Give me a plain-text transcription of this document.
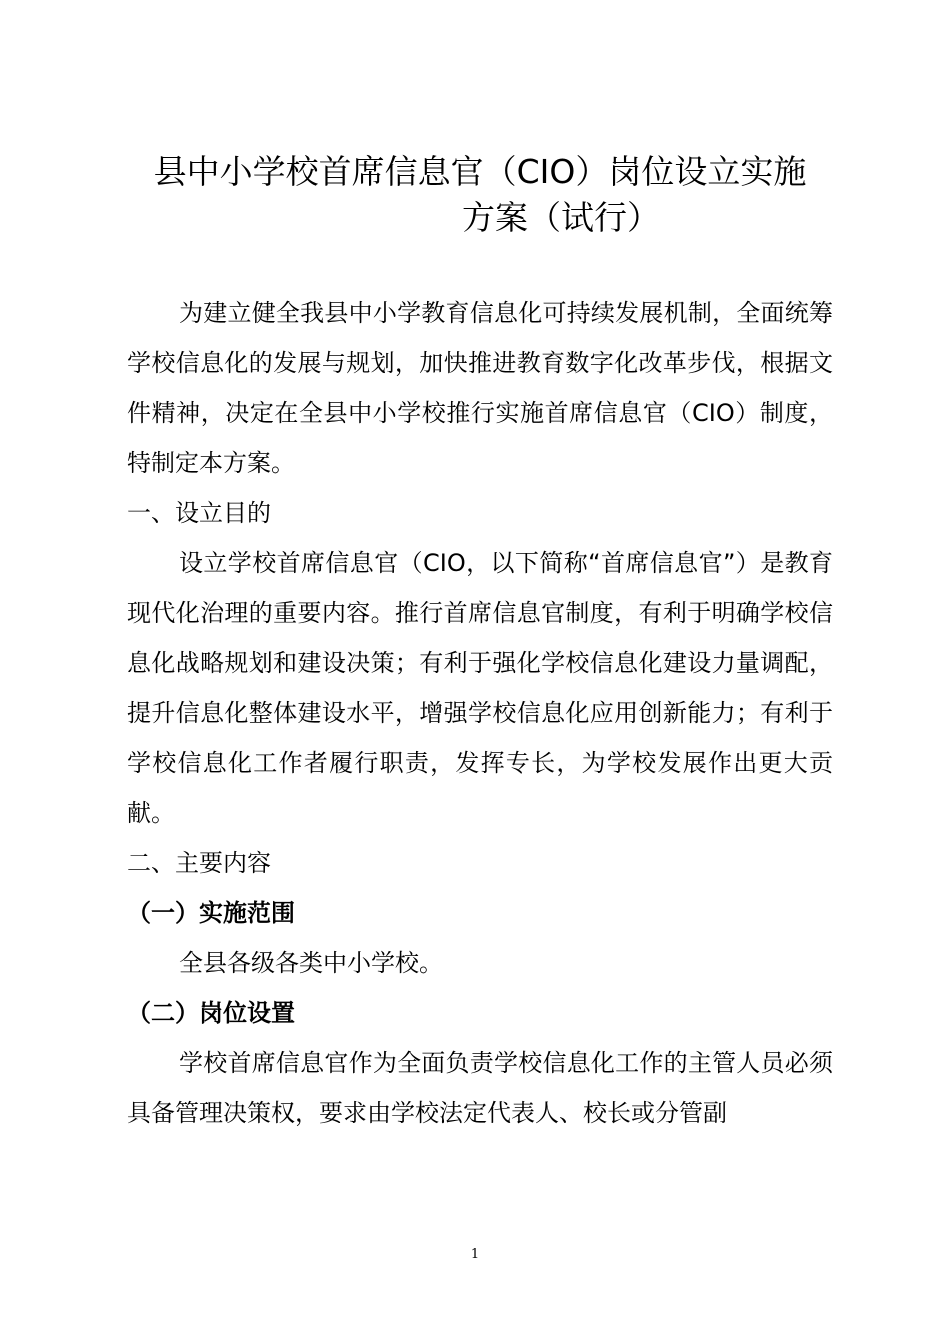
县中小学校首席信息官（CIO）岗位设立实施
方案（试行）

为建立健全我县中小学教育信息化可持续发展机制，全面统筹学校信息化的发展与规划，加快推进教育数字化改革步伐，根据文件精神，决定在全县中小学校推行实施首席信息官（CIO）制度，特制定本方案。

一、设立目的

设立学校首席信息官（CIO，以下简称“首席信息官”）是教育现代化治理的重要内容。推行首席信息官制度，有利于明确学校信息化战略规划和建设决策；有利于强化学校信息化建设力量调配，提升信息化整体建设水平，增强学校信息化应用创新能力；有利于学校信息化工作者履行职责，发挥专长，为学校发展作出更大贡献。

二、主要内容

（一）实施范围

全县各级各类中小学校。

（二）岗位设置

学校首席信息官作为全面负责学校信息化工作的主管人员必须具备管理决策权，要求由学校法定代表人、校长或分管副

1
